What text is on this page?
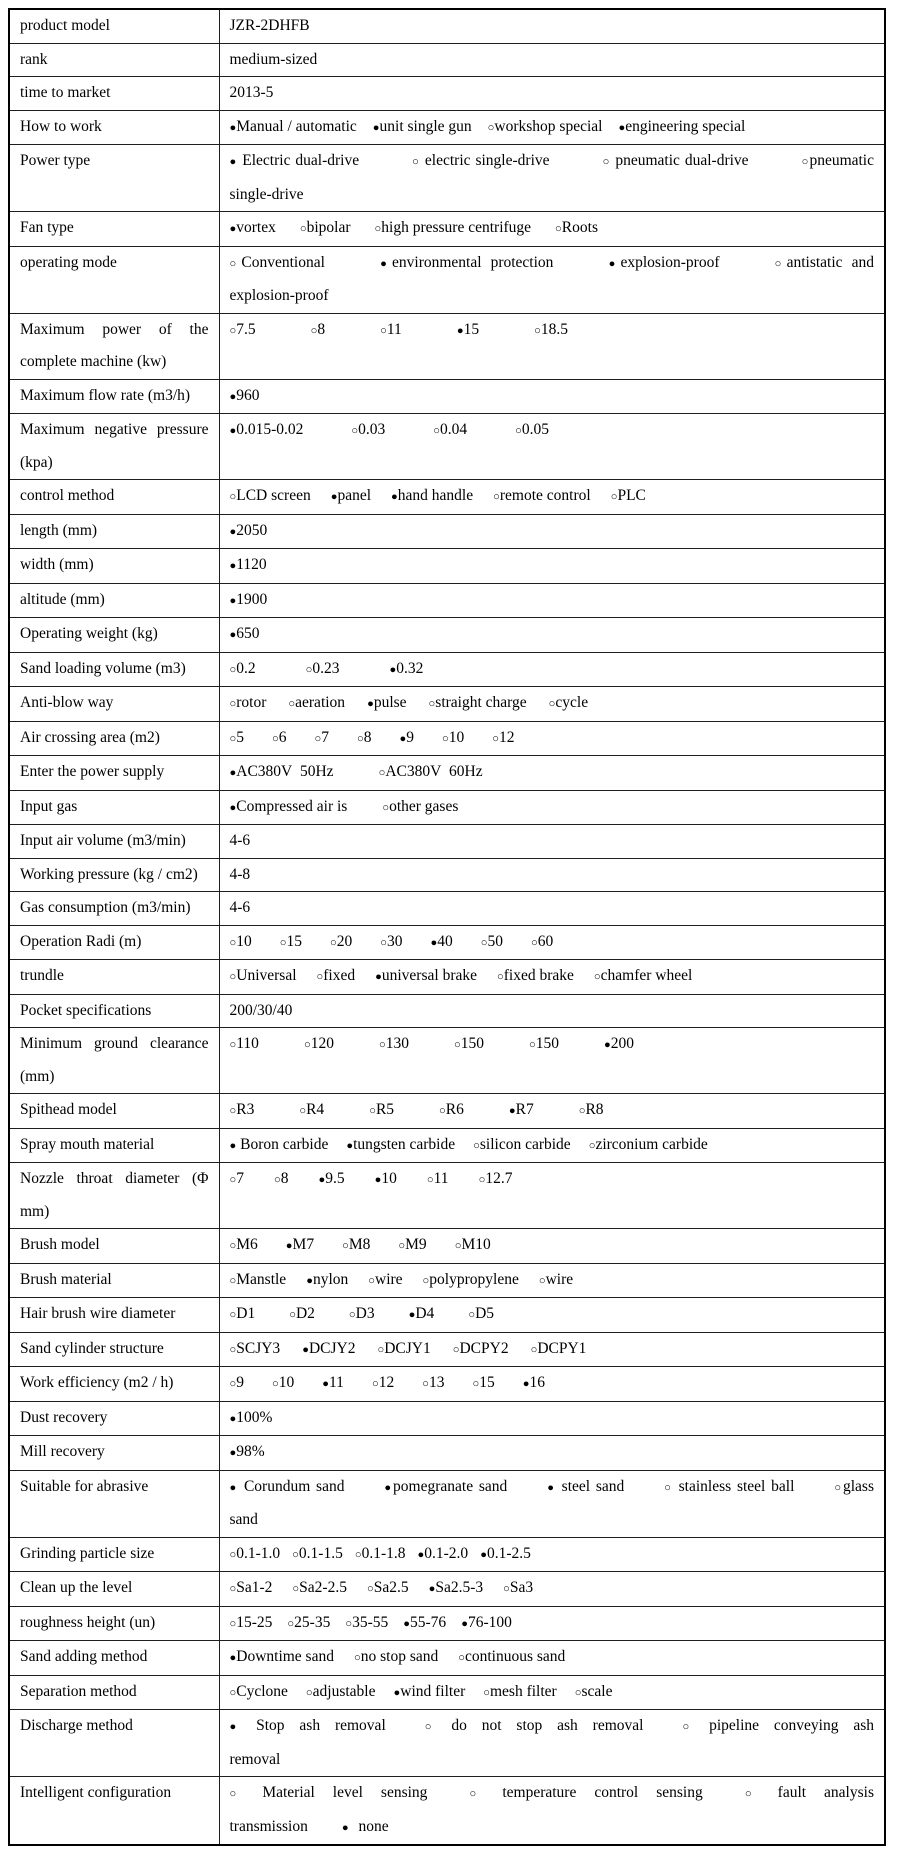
product model	JZR-2DHFB
rank	medium-sized
time to market	2013-5
How to work	●Manual / automatic ●unit single gun ○workshop special ●engineering special
Power type	● Electric dual-drive ○ electric single-drive ○ pneumatic dual-drive ○pneumatic single-drive
Fan type	●vortex ○bipolar ○high pressure centrifuge ○Roots
operating mode	○Conventional ●environmental protection ●explosion-proof ○antistatic and explosion-proof
Maximum power of the complete machine (kw)	○7.5 ○8 ○11 ●15 ○18.5
Maximum flow rate (m3/h)	●960
Maximum negative pressure (kpa)	●0.015-0.02 ○0.03 ○0.04 ○0.05
control method	○LCD screen ●panel ●hand handle ○remote control ○PLC
length (mm)	●2050
width (mm)	●1120
altitude (mm)	●1900
Operating weight (kg)	●650
Sand loading volume (m3)	○0.2 ○0.23 ●0.32
Anti-blow way	○rotor ○aeration ●pulse ○straight charge ○cycle
Air crossing area (m2)	○5 ○6 ○7 ○8 ●9 ○10 ○12
Enter the power supply	●AC380V  50Hz ○AC380V  60Hz
Input gas	●Compressed air is ○other gases
Input air volume (m3/min)	4-6
Working pressure (kg / cm2)	4-8
Gas consumption (m3/min)	4-6
Operation Radi (m)	○10 ○15 ○20 ○30 ●40 ○50 ○60
trundle	○Universal ○fixed ●universal brake ○fixed brake ○chamfer wheel
Pocket specifications	200/30/40
Minimum ground clearance (mm)	○110 ○120 ○130 ○150 ○150 ●200
Spithead model	○R3 ○R4 ○R5 ○R6 ●R7 ○R8
Spray mouth material	● Boron carbide ●tungsten carbide ○silicon carbide ○zirconium carbide
Nozzle throat diameter (Φ mm)	○7 ○8 ●9.5 ●10 ○11 ○12.7
Brush model	○M6 ●M7 ○M8 ○M9 ○M10
Brush material	○Manstle ●nylon ○wire ○polypropylene ○wire
Hair brush wire diameter	○D1 ○D2 ○D3 ●D4 ○D5
Sand cylinder structure	○SCJY3 ●DCJY2 ○DCJY1 ○DCPY2 ○DCPY1
Work efficiency (m2 / h)	○9 ○10 ●11 ○12 ○13 ○15 ●16
Dust recovery	●100%
Mill recovery	●98%
Suitable for abrasive	● Corundum sand ●pomegranate sand ● steel sand ○ stainless steel ball ○glass sand
Grinding particle size	○0.1-1.0 ○0.1-1.5 ○0.1-1.8 ●0.1-2.0 ●0.1-2.5
Clean up the level	○Sa1-2 ○Sa2-2.5 ○Sa2.5 ●Sa2.5-3 ○Sa3
roughness height (un)	○15-25 ○25-35 ○35-55 ●55-76 ●76-100
Sand adding method	●Downtime sand ○no stop sand ○continuous sand
Separation method	○Cyclone ○adjustable ●wind filter ○mesh filter ○scale
Discharge method	● Stop ash removal ○ do not stop ash removal ○ pipeline conveying ash removal
Intelligent configuration	○ Material level sensing ○ temperature control sensing ○ fault analysis transmission ● none
